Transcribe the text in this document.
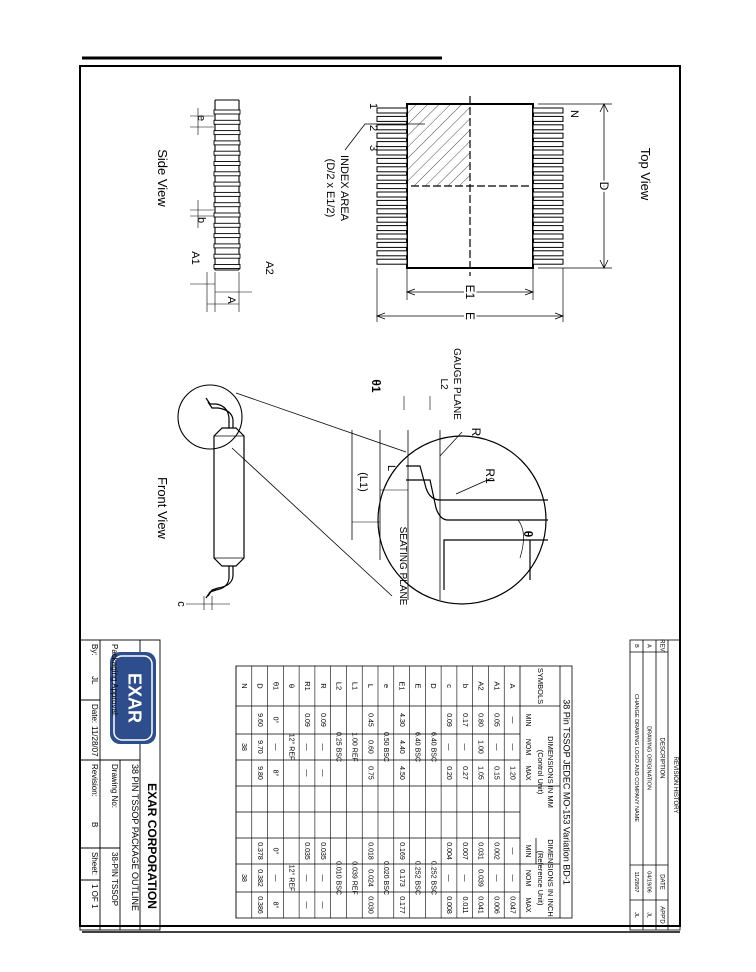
Top View
1
2
3
N
INDEX AREA
(D/2 x E1/2)	D
E1
E
Side View
e
b
A1
A
A2
Front View
GAUGE PLANE
L2
θ1
R
R1
L
(L1)
θ
SEATING PLANE
c
REVISION HISTORY
REV.
DESCRIPTION
DATE
APP'D
A
DRAWING ORIGINATION
04/19/06
JL
B
CHANGE DRAWING LOGO AND COMPANY NAME
11/28/07
JL
38 Pin TSSOP JEDEC MO-153 Variation BD-1
SYMBOLS
DIMENSIONS IN MM
(Control Unit)
DIMENSIONS IN INCH
(Reference Unit)
MIN
NOM
MAX
MIN
NOM
MAX
A
—
—
1.20
—
—
0.047
A1
0.05
—
0.15
0.002
—
0.006
A2
0.80
1.00
1.05
0.031
0.039
0.041
b
0.17
—
0.27
0.007
—
0.011
c
0.09
—
0.20
0.004
—
0.008
D
6.40 BSC
0.252 BSC
E
6.40 BSC
0.252 BSC
E1
4.30
4.40
4.50
0.169
0.173
0.177
e
0.50 BSC
0.020 BSC
L
0.45
0.60
0.75
0.018
0.024
0.030
L1
1.00 REF
0.039 REF
L2
0.25 BSC
0.010 BSC
R
0.09
—
—
0.035
—
—
R1
0.09
—
—
0.035
—
—
θ
12° REF
12° REF
θ1
0°
—
8°
0°
—
8°
D
9.60
9.70
9.80
0.378
0.382
0.386
N
38
38
EXAR
EXAR CORPORATION
Packaging Approval:
By:
JL
Date:
11/28/07
38 PIN TSSOP PACKAGE OUTLINE
Drawing No:
38-PIN TSSOP
Revision:
B
Sheet:
1 OF 1
